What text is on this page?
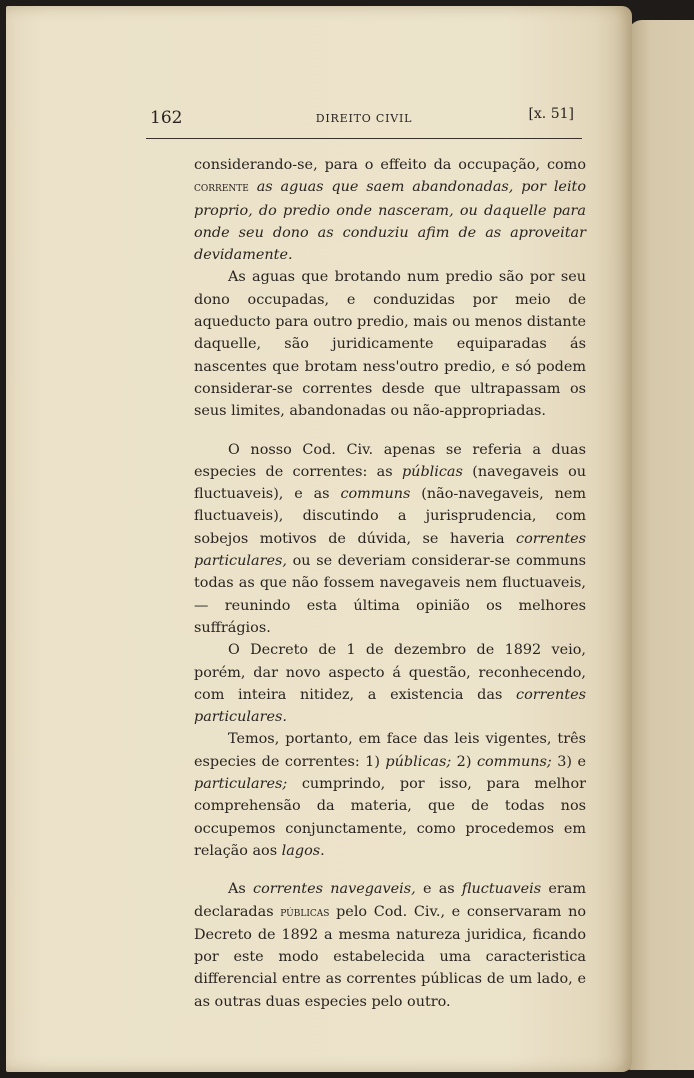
162	DIREITO CIVIL	[x. 51]

considerando-se, para o effeito da occupação, como corrente as aguas que saem abandonadas, por leito proprio, do predio onde nasceram, ou daquelle para onde seu dono as conduziu afim de as aproveitar devidamente.

As aguas que brotando num predio são por seu dono occupadas, e conduzidas por meio de aqueducto para outro predio, mais ou menos distante daquelle, são juridicamente equiparadas ás nascentes que brotam ness'outro predio, e só podem considerar-se correntes desde que ultrapassam os seus limites, abandonadas ou não-appropriadas.

O nosso Cod. Civ. apenas se referia a duas especies de correntes: as públicas (navegaveis ou fluctuaveis), e as communs (não-navegaveis, nem fluctuaveis), discutindo a jurisprudencia, com sobejos motivos de dúvida, se haveria correntes particulares, ou se deveriam considerar-se communs todas as que não fossem navegaveis nem fluctuaveis, — reunindo esta última opinião os melhores suffrágios.

O Decreto de 1 de dezembro de 1892 veio, porém, dar novo aspecto á questão, reconhecendo, com inteira nitidez, a existencia das correntes particulares.

Temos, portanto, em face das leis vigentes, três especies de correntes: 1) públicas; 2) communs; 3) e particulares; cumprindo, por isso, para melhor comprehensão da materia, que de todas nos occupemos conjunctamente, como procedemos em relação aos lagos.

As correntes navegaveis, e as fluctuaveis eram declaradas públicas pelo Cod. Civ., e conservaram no Decreto de 1892 a mesma natureza juridica, ficando por este modo estabelecida uma caracteristica differencial entre as correntes públicas de um lado, e as outras duas especies pelo outro.
